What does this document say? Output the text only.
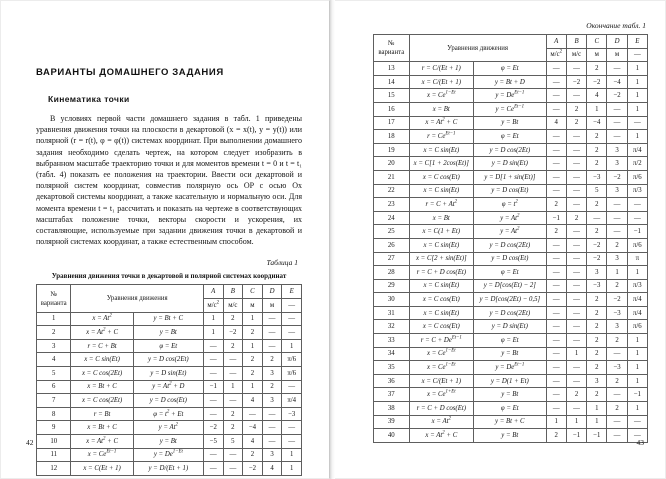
ВАРИАНТЫ ДОМАШНЕГО ЗАДАНИЯ
Кинематика точки

В условиях первой части домашнего задания в табл. 1 приведены уравнения движения точки на плоскости в декартовой (x = x(t), y = y(t)) или полярной (r = r(t), φ = φ(t)) системах координат. При выполнении домашнего задания необходимо сделать чертеж, на котором следует изобразить в выбранном масштабе траекторию точки и для моментов времени t = 0 и t = t₁ (табл. 4) показать ее положения на траектории. Ввести оси декартовой и полярной систем координат, совместив полярную ось OP с осью Ox декартовой системы координат, а также касательную и нормальную оси. Для момента времени t = t₁ рассчитать и показать на чертеже в соответствующих масштабах положение точки, векторы скорости и ускорения, их составляющие, используемые при задании движения точки в декартовой и полярной системах координат, а также естественным способом.

Таблица 1
Уравнения движения точки в декартовой и полярной системах координат
№
варианта	Уравнения движения		A	B	C	D	E
			$м/с^2$	м/с	м	м	—
1	$x = At^2$	y = Bt + C	1	2	1	—	—
2	$x = At^2 + C$	y = Bt	1	−2	2	—	—
3	r = C + Bt	φ = Et	—	2	1	—	1
4	x = C sin(Et)	y = D cos(2Et)	—	—	2	2	π/6
5	x = C cos(2Et)	y = D sin(Et)	—	—	2	3	π/6
6	x = Bt + C	$y = At^2 + D$	−1	1	1	2	—
7	x = C cos(2Et)	y = D cos(Et)	—	—	4	3	π/4
8	r = Bt	$\varphi = t^2 + Et$	—	2	—	—	−3
9	x = Bt + C	$y = At^2$	−2	2	−4	—	—
10	$x = At^2 + C$	y = Bt	−5	5	4	—	—
11	$x = Ce^{Et-1}$	$y = De^{1-Et}$	—	—	2	3	1
12	x = C(Et + 1)	y = D/(Et + 1)	—	—	−2	4	1
42
Окончание табл. 1
№
варианта	Уравнения движения		A	B	C	D	E
			$м/с^2$	м/с	м	м	—
13	r = C/(Et + 1)	φ = Et	—	—	2	—	1
14	x = C/(Et + 1)	y = Bt + D	—	−2	−2	−4	1
15	$x = Ce^{1-Et}$	$y = De^{Et-1}$	—	—	4	−2	1
16	x = Bt	$y = Ce^{Et-1}$	—	2	1	—	1
17	$x = At^2 + C$	y = Bt	4	2	−4	—	—
18	$r = Ce^{Et-1}$	φ = Et	—	—	2	—	1
19	x = C sin(Et)	y = D cos(2Et)	—	—	2	3	π/4
20	x = C[1 + 2cos(Et)]	y = D sin(Et)	—	—	2	3	π/2
21	x = C cos(Et)	y = D[1 + sin(Et)]	—	—	−3	−2	π/6
22	x = C sin(Et)	y = D cos(Et)	—	—	5	3	π/3
23	$r = C + At^2$	$\varphi = t^2$	2	—	2	—	—
24	x = Bt	$y = At^2$	−1	2	—	—	—
25	x = C(1 + Et)	$y = At^2$	2	—	2	—	−1
26	x = C sin(Et)	y = D cos(2Et)	—	—	−2	2	π/6
27	x = C[2 + sin(Et)]	y = D cos(Et)	—	—	−2	3	π
28	r = C + D cos(Et)	φ = Et	—	—	3	1	1
29	x = C sin(Et)	y = D[cos(Et) − 2]	—	—	−3	2	π/3
30	x = C cos(Et)	y = D[cos(2Et) − 0,5]	—	—	2	−2	π/4
31	x = C sin(Et)	y = D cos(2Et)	—	—	2	−3	π/4
32	x = C cos(Et)	y = D sin(Et)	—	—	2	3	π/6
33	$r = C + De^{Et-1}$	φ = Et	—	—	2	2	1
34	$x = Ce^{1-Et}$	y = Bt	—	1	2	—	1
35	$x = Ce^{1-Et}$	$y = De^{Et-1}$	—	—	2	−3	1
36	x = C/(Et + 1)	y = D(1 + Et)	—	—	3	2	1
37	$x = Ce^{1+Et}$	y = Bt	—	2	2	—	−1
38	r = C + D cos(Et)	φ = Et	—	—	1	2	1
39	$x = At^2$	y = Bt + C	1	1	1	—	—
40	$x = At^2 + C$	y = Bt	2	−1	−1	—	—
43
